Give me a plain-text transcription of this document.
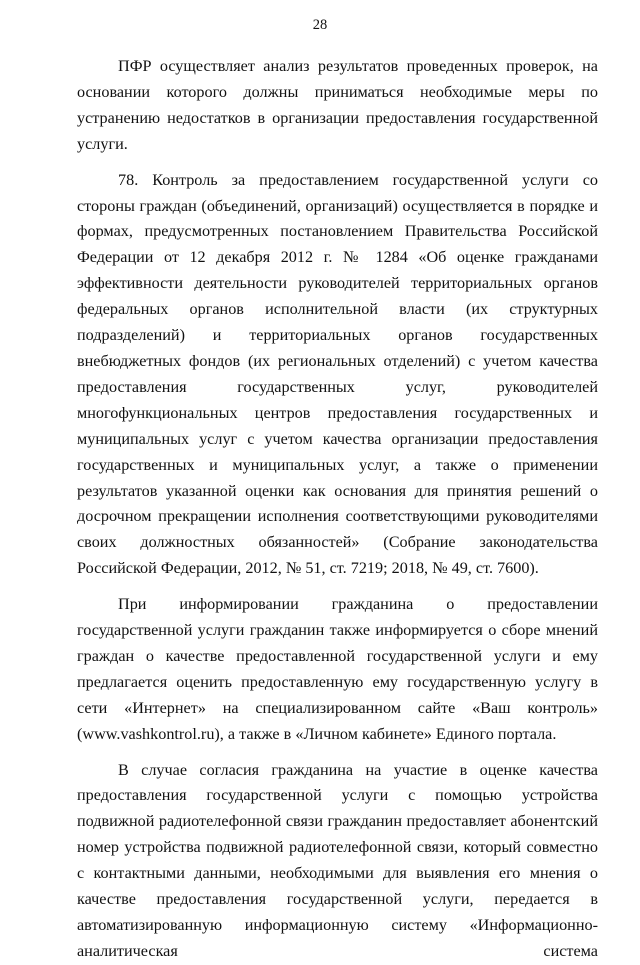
28

ПФР осуществляет анализ результатов проведенных проверок, на основании которого должны приниматься необходимые меры по устранению недостатков в организации предоставления государственной услуги.

78. Контроль за предоставлением государственной услуги со стороны граждан (объединений, организаций) осуществляется в порядке и формах, предусмотренных постановлением Правительства Российской Федерации от 12 декабря 2012 г. № 1284 «Об оценке гражданами эффективности деятельности руководителей территориальных органов федеральных органов исполнительной власти (их структурных подразделений) и территориальных органов государственных внебюджетных фондов (их региональных отделений) с учетом качества предоставления государственных услуг, руководителей многофункциональных центров предоставления государственных и муниципальных услуг с учетом качества организации предоставления государственных и муниципальных услуг, а также о применении результатов указанной оценки как основания для принятия решений о досрочном прекращении исполнения соответствующими руководителями своих должностных обязанностей» (Собрание законодательства Российской Федерации, 2012, № 51, ст. 7219; 2018, № 49, ст. 7600).

При информировании гражданина о предоставлении государственной услуги гражданин также информируется о сборе мнений граждан о качестве предоставленной государственной услуги и ему предлагается оценить предоставленную ему государственную услугу в сети «Интернет» на специализированном сайте «Ваш контроль» (www.vashkontrol.ru), а также в «Личном кабинете» Единого портала.

В случае согласия гражданина на участие в оценке качества предоставления государственной услуги с помощью устройства подвижной радиотелефонной связи гражданин предоставляет абонентский номер устройства подвижной радиотелефонной связи, который совместно с контактными данными, необходимыми для выявления его мнения о качестве предоставления государственной услуги, передается в автоматизированную информационную систему «Информационно-аналитическая система
